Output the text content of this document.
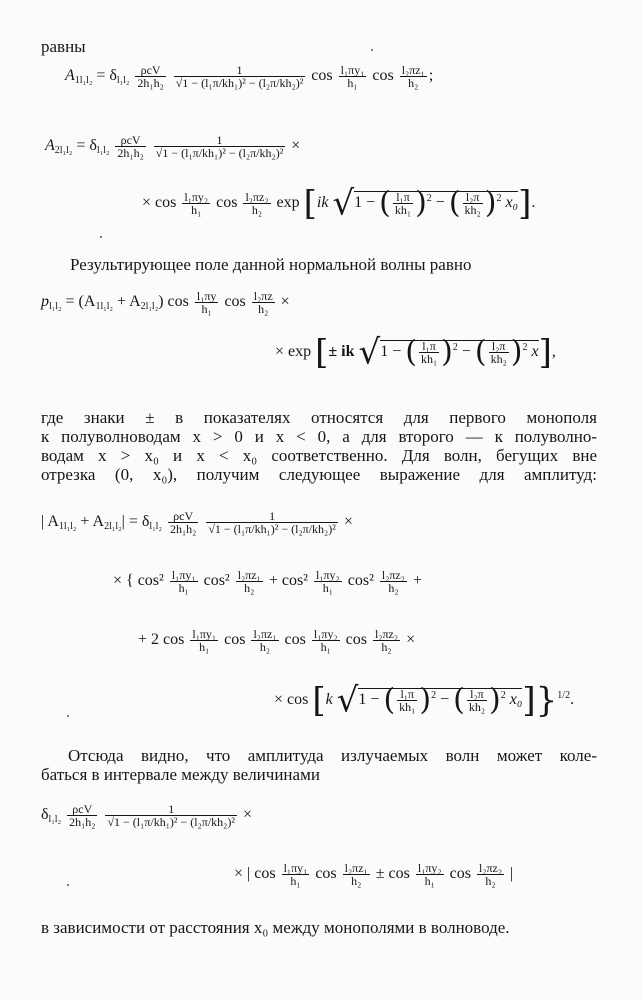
равны
$A_{1l_1l_2} = \delta_{l_1l_2} \frac{\text{ρcV}}{\text{2h₁h₂}}$
$\frac{1}{\text{√1 − (l₁π/kh₁)² − (l₂π/kh₂)²}}$ $\cos \frac{\text{l₁πy₁}}{\text{h₁}}$ $\cos \frac{\text{l₂πz₁}}{\text{h₂}}$ ;
$A_{2l_1l_2} = \delta_{l_1l_2} \frac{\text{ρcV}}{\text{2h₁h₂}}$
$\frac{1}{\text{√1 − (l₁π/kh₁)² − (l₂π/kh₂)²}}$ ×
× $\cos \frac{\text{l₁πy₂}}{\text{h₁}}$ $\cos \frac{\text{l₂πz₂}}{\text{h₂}}$ exp [ik √1 − ( $\frac{\text{l₁π}}{\text{kh₁}} )^2$ − ( $\frac{\text{l₂π}}{\text{kh₂}} )^2$ x₀].
Результирующее поле данной нормальной волны равно
$p_{l_1l_2} = (A_{1l_1l_2} + A_{2l_1l_2})$ $\cos \frac{\text{l₁πy}}{\text{h₁}}$ $\cos \frac{\text{l₂πz}}{\text{h₂}}$ ×
× exp [± ik √1 − ( $\frac{\text{l₁π}}{\text{kh₁}} )^2$ − ( $\frac{\text{l₂π}}{\text{kh₂}} )^2$ x],
где знаки ± в показателях относятся для первого монополя
к полуволноводам x > 0 и x < 0, а для второго — к полуволно-
водам x > x₀ и x < x₀ соответственно. Для волн, бегущих вне
отрезка (0, x₀), получим следующее выражение для амплитуд:
| $A_{1l_1l_2} + A_{2l_1l_2}| = \delta_{l_1l_2} \frac{\text{ρcV}}{\text{2h₁h₂}}$
$\frac{1}{\text{√1 − (l₁π/kh₁)² − (l₂π/kh₂)²}}$ ×
× { $\cos^2 \frac{\text{l₁πy₁}}{\text{h₁}} \cos^2 \frac{\text{l₂πz₁}}{\text{h₂}} + \cos^2 \frac{\text{l₁πy₂}}{\text{h₁}} \cos^2 \frac{\text{l₂πz₂}}{\text{h₂}}$ +
+ 2 $\cos \frac{\text{l₁πy₁}}{\text{h₁}}$ $\cos \frac{\text{l₂πz₁}}{\text{h₂}}$ $\cos \frac{\text{l₁πy₂}}{\text{h₁}}$ $\cos \frac{\text{l₂πz₂}}{\text{h₂}}$ ×
× cos [k √1 − ( $\frac{\text{l₁π}}{\text{kh₁}} )^2$ − ( $\frac{\text{l₂π}}{\text{kh₂}} )^2$ x₀]}$^{1/2}$.
Отсюда видно, что амплитуда излучаемых волн может коле-
баться в интервале между величинами
$\delta_{l_1l_2} \frac{\text{ρcV}}{\text{2h₁h₂}}$
$\frac{1}{\text{√1 − (l₁π/kh₁)² − (l₂π/kh₂)²}}$ ×
× | $\cos \frac{\text{l₁πy₁}}{\text{h₁}}$ $\cos \frac{\text{l₂πz₁}}{\text{h₂}} \pm \cos \frac{\text{l₁πy₂}}{\text{h₁}}$ $\cos \frac{\text{l₂πz₂}}{\text{h₂}}$ |
в зависимости от расстояния x₀ между монополями в волноводе.
